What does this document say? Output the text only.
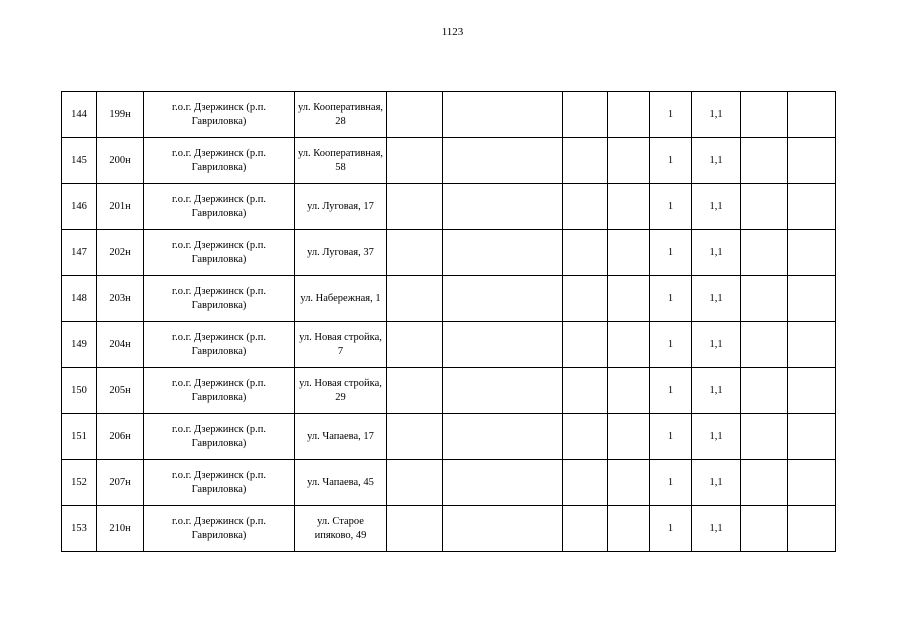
1123
144	199н	г.о.г. Дзержинск (р.п. Гавриловка)	ул. Кооперативная, 28					1	1,1		
145	200н	г.о.г. Дзержинск (р.п. Гавриловка)	ул. Кооперативная, 58					1	1,1		
146	201н	г.о.г. Дзержинск (р.п. Гавриловка)	ул. Луговая, 17					1	1,1		
147	202н	г.о.г. Дзержинск (р.п. Гавриловка)	ул. Луговая, 37					1	1,1		
148	203н	г.о.г. Дзержинск (р.п. Гавриловка)	ул. Набережная, 1					1	1,1		
149	204н	г.о.г. Дзержинск (р.п. Гавриловка)	ул. Новая стройка, 7					1	1,1		
150	205н	г.о.г. Дзержинск (р.п. Гавриловка)	ул. Новая стройка, 29					1	1,1		
151	206н	г.о.г. Дзержинск (р.п. Гавриловка)	ул. Чапаева, 17					1	1,1		
152	207н	г.о.г. Дзержинск (р.п. Гавриловка)	ул. Чапаева, 45					1	1,1		
153	210н	г.о.г. Дзержинск (р.п. Гавриловка)	ул. Старое ипяково, 49					1	1,1		
